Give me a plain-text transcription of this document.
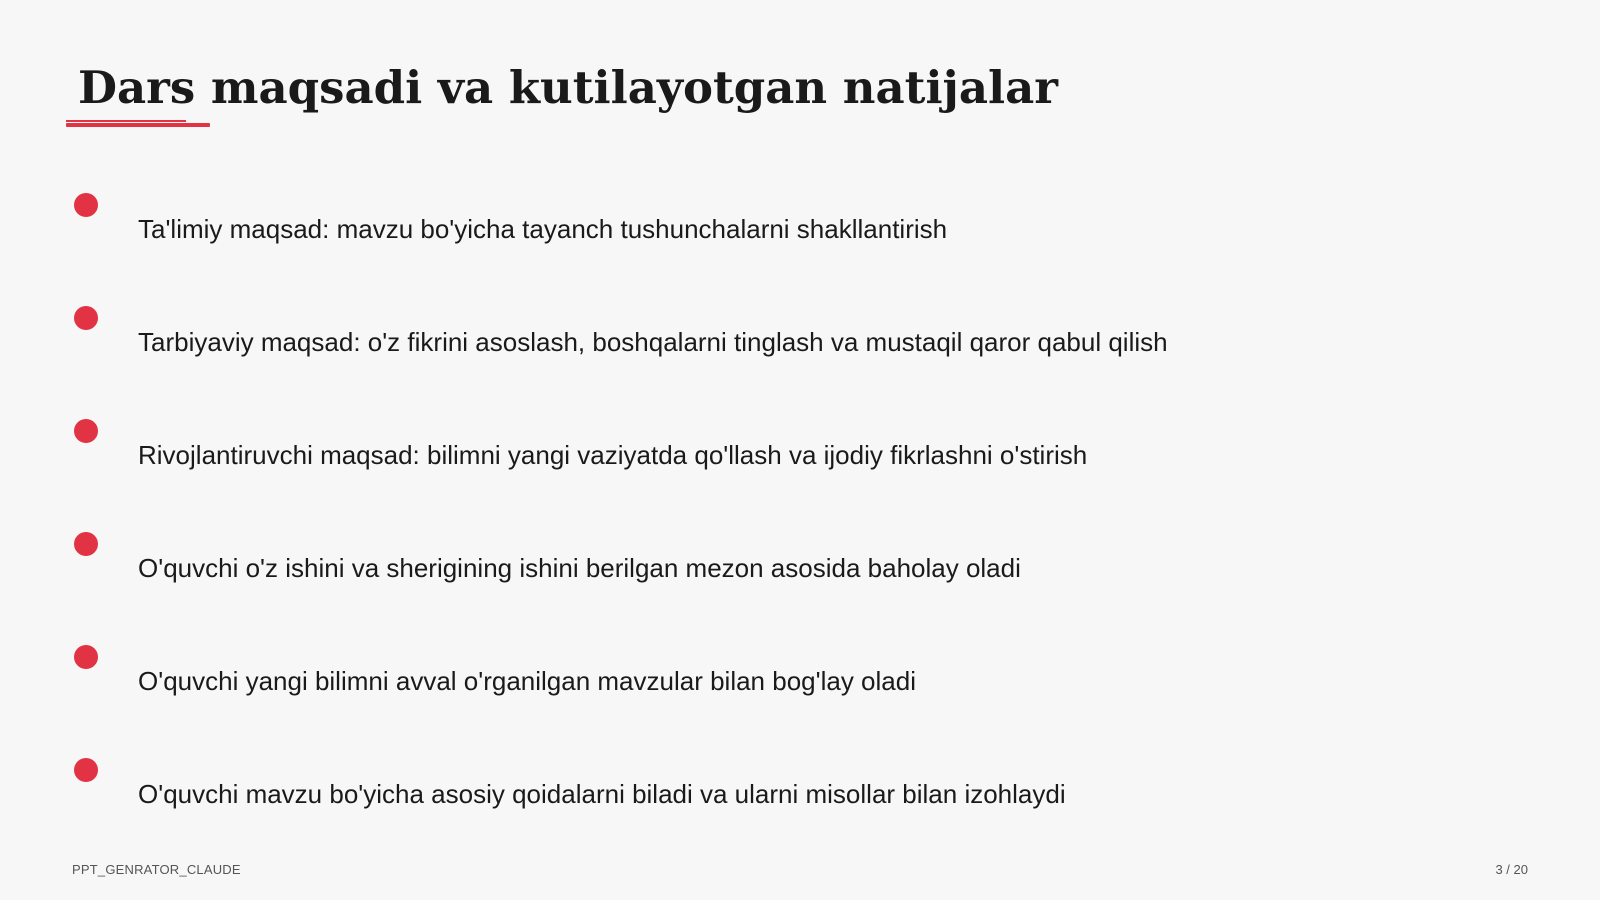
Dars maqsadi va kutilayotgan natijalar
Ta'limiy maqsad: mavzu bo'yicha tayanch tushunchalarni shakllantirish
Tarbiyaviy maqsad: o'z fikrini asoslash, boshqalarni tinglash va mustaqil qaror qabul qilish
Rivojlantiruvchi maqsad: bilimni yangi vaziyatda qo'llash va ijodiy fikrlashni o'stirish
O'quvchi o'z ishini va sherigining ishini berilgan mezon asosida baholay oladi
O'quvchi yangi bilimni avval o'rganilgan mavzular bilan bog'lay oladi
O'quvchi mavzu bo'yicha asosiy qoidalarni biladi va ularni misollar bilan izohlaydi
PPT_GENRATOR_CLAUDE	3 / 20
